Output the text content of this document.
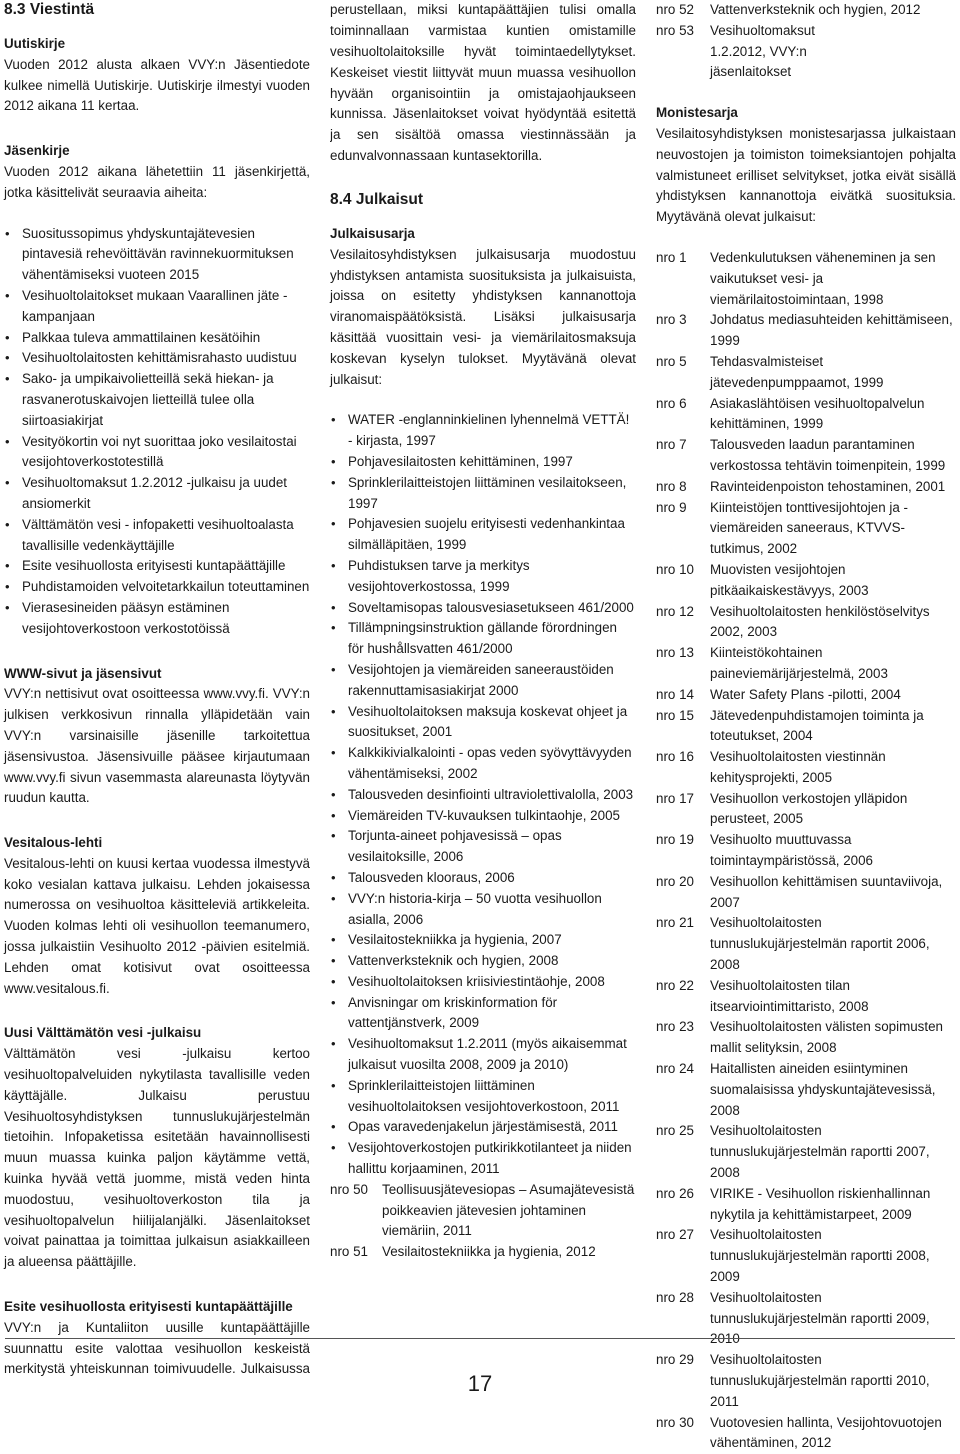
8.3 Viestintä
Uutiskirje

Vuoden 2012 alusta alkaen VVY:n Jäsentiedote kulkee nimellä Uutiskirje. Uutiskirje ilmestyi vuoden 2012 aikana 11 kertaa.

Jäsenkirje

Vuoden 2012 aikana lähetettiin 11 jäsenkirjettä, jotka käsittelivät seuraavia aiheita:

• Suositussopimus yhdyskuntajätevesien pintavesiä rehevöittävän ravinnekuormituksen vähentämiseksi vuoteen 2015
• Vesihuoltolaitokset mukaan Vaarallinen jäte -kampanjaan
• Palkkaa tuleva ammattilainen kesätöihin
• Vesihuoltolaitosten kehittämisrahasto uudistuu
• Sako- ja umpikaivolietteillä sekä hiekan- ja rasvanerotuskaivojen lietteillä tulee olla siirtoasiakirjat
• Vesityökortin voi nyt suorittaa joko vesilaitostai vesijohtoverkostotestillä
• Vesihuoltomaksut 1.2.2012 -julkaisu ja uudet ansiomerkit
• Välttämätön vesi - infopaketti vesihuoltoalasta tavallisille vedenkäyttäjille
• Esite vesihuollosta erityisesti kuntapäättäjille
• Puhdistamoiden velvoitetarkkailun toteuttaminen
• Vierasesineiden pääsyn estäminen vesijohtoverkostoon verkostotöissä
WWW-sivut ja jäsensivut

VVY:n nettisivut ovat osoitteessa www.vvy.fi. VVY:n julkisen verkkosivun rinnalla ylläpidetään vain VVY:n varsinaisille jäsenille tarkoitettua jäsensivustoa. Jäsensivuille pääsee kirjautumaan www.vvy.fi sivun vasemmasta alareunasta löytyvän ruudun kautta.

Vesitalous-lehti

Vesitalous-lehti on kuusi kertaa vuodessa ilmestyvä koko vesialan kattava julkaisu. Lehden jokaisessa numerossa on vesihuoltoa käsitteleviä artikkeleita. Vuoden kolmas lehti oli vesihuollon teemanumero, jossa julkaistiin Vesihuolto 2012 -päivien esitelmiä. Lehden omat kotisivut ovat osoitteessa www.vesitalous.fi.

Uusi Välttämätön vesi -julkaisu

Välttämätön vesi -julkaisu kertoo vesihuoltopalveluiden nykytilasta tavallisille veden käyttäjälle. Julkaisu perustuu Vesihuoltosyhdistyksen tunnuslukujärjestelmän tietoihin. Infopaketissa esitetään havainnollisesti muun muassa kuinka paljon käytämme vettä, kuinka hyvää vettä juomme, mistä veden hinta muodostuu, vesihuoltoverkoston tila ja vesihuoltopalvelun hiilijalanjälki. Jäsenlaitokset voivat painattaa ja toimittaa julkaisun asiakkailleen ja alueensa päättäjille.

Esite vesihuollosta erityisesti kuntapäättäjille

VVY:n ja Kuntaliiton uusille kuntapäättäjille suunnattu esite valottaa vesihuollon keskeistä merkitystä yhteiskunnan toimivuudelle. Julkaisussa

perustellaan, miksi kuntapäättäjien tulisi omalla toiminnallaan varmistaa kuntien omistamille vesihuoltolaitoksille hyvät toimintaedellytykset. Keskeiset viestit liittyvät muun muassa vesihuollon hyvään organisointiin ja omistajaohjaukseen kunnissa. Jäsenlaitokset voivat hyödyntää esitettä ja sen sisältöä omassa viestinnässään ja edunvalvonnassaan kuntasektorilla.

8.4 Julkaisut
Julkaisusarja

Vesilaitosyhdistyksen julkaisusarja muodostuu yhdistyksen antamista suosituksista ja julkaisuista, joissa on esitetty yhdistyksen kannanottoja viranomaispäätöksistä. Lisäksi julkaisusarja käsittää vuosittain vesi- ja viemärilaitosmaksuja koskevan kyselyn tulokset. Myytävänä olevat julkaisut:

• WATER -englanninkielinen lyhennelmä VETTÄ! - kirjasta, 1997
• Pohjavesilaitosten kehittäminen, 1997
• Sprinklerilaitteistojen liittäminen vesilaitokseen, 1997
• Pohjavesien suojelu erityisesti vedenhankintaa silmälläpitäen, 1999
• Puhdistuksen tarve ja merkitys vesijohtoverkostossa, 1999
• Soveltamisopas talousvesiasetukseen 461/2000
• Tillämpningsinstruktion gällande förordningen för hushållsvatten 461/2000
• Vesijohtojen ja viemäreiden saneeraustöiden rakennuttamisasiakirjat 2000
• Vesihuoltolaitoksen maksuja koskevat ohjeet ja suositukset, 2001
• Kalkkikivialkalointi - opas veden syövyttävyyden vähentämiseksi, 2002
• Talousveden desinfiointi ultraviolettivalolla, 2003
• Viemäreiden TV-kuvauksen tulkintaohje, 2005
• Torjunta-aineet pohjavesissä – opas vesilaitoksille, 2006
• Talousveden klooraus, 2006
• VVY:n historia-kirja – 50 vuotta vesihuollon asialla, 2006
• Vesilaitostekniikka ja hygienia, 2007
• Vattenverksteknik och hygien, 2008
• Vesihuoltolaitoksen kriisiviestintäohje, 2008
• Anvisningar om kriskinformation för vattentjänstverk, 2009
• Vesihuoltomaksut 1.2.2011 (myös aikaisemmat julkaisut vuosilta 2008, 2009 ja 2010)
• Sprinklerilaitteistojen liittäminen vesihuoltolaitoksen vesijohtoverkostoon, 2011
• Opas varavedenjakelun järjestämisestä, 2011
• Vesijohtoverkostojen putkirikkotilanteet ja niiden hallittu korjaaminen, 2011
nro 50	Teollisuusjätevesiopas – Asumajätevesistä poikkeavien jätevesien johtaminen viemäriin, 2011
nro 51	Vesilaitostekniikka ja hygienia, 2012
nro 52	Vattenverksteknik och hygien, 2012
nro 53	Vesihuoltomaksut 1.2.2012, VVY:n jäsenlaitokset
Monistesarja

Vesilaitosyhdistyksen monistesarjassa julkaistaan neuvostojen ja toimiston toimeksiantojen pohjalta valmistuneet erilliset selvitykset, jotka eivät sisällä yhdistyksen kannanottoja eivätkä suosituksia. Myytävänä olevat julkaisut:

nro 1	Vedenkulutuksen väheneminen ja sen vaikutukset vesi- ja viemärilaitostoimintaan, 1998
nro 3	Johdatus mediasuhteiden kehittämiseen, 1999
nro 5	Tehdasvalmisteiset jätevedenpumppaamot, 1999
nro 6	Asiakaslähtöisen vesihuoltopalvelun kehittäminen, 1999
nro 7	Talousveden laadun parantaminen verkostossa tehtävin toimenpitein, 1999
nro 8	Ravinteidenpoiston tehostaminen, 2001
nro 9	Kiinteistöjen tonttivesijohtojen ja -viemäreiden saneeraus, KTVVS-tutkimus, 2002
nro 10	Muovisten vesijohtojen pitkäaikaiskestävyys, 2003
nro 12	Vesihuoltolaitosten henkilöstöselvitys 2002, 2003
nro 13	Kiinteistökohtainen paineviemärijärjestelmä, 2003
nro 14	Water Safety Plans -pilotti, 2004
nro 15	Jätevedenpuhdistamojen toiminta ja toteutukset, 2004
nro 16	Vesihuoltolaitosten viestinnän kehitysprojekti, 2005
nro 17	Vesihuollon verkostojen ylläpidon perusteet, 2005
nro 19	Vesihuolto muuttuvassa toimintaympäristössä, 2006
nro 20	Vesihuollon kehittämisen suuntaviivoja, 2007
nro 21	Vesihuoltolaitosten tunnuslukujärjestelmän raportit 2006, 2008
nro 22	Vesihuoltolaitosten tilan itsearviointimittaristo, 2008
nro 23	Vesihuoltolaitosten välisten sopimusten mallit selityksin, 2008
nro 24	Haitallisten aineiden esiintyminen suomalaisissa yhdyskuntajätevesissä, 2008
nro 25	Vesihuoltolaitosten tunnuslukujärjestelmän raportti 2007, 2008
nro 26	VIRIKE - Vesihuollon riskienhallinnan nykytila ja kehittämistarpeet, 2009
nro 27	Vesihuoltolaitosten tunnuslukujärjestelmän raportti 2008, 2009
nro 28	Vesihuoltolaitosten tunnuslukujärjestelmän raportti 2009, 2010
nro 29	Vesihuoltolaitosten tunnuslukujärjestelmän raportti 2010, 2011
nro 30	Vuotovesien hallinta, Vesijohtovuotojen vähentäminen, 2012
17
